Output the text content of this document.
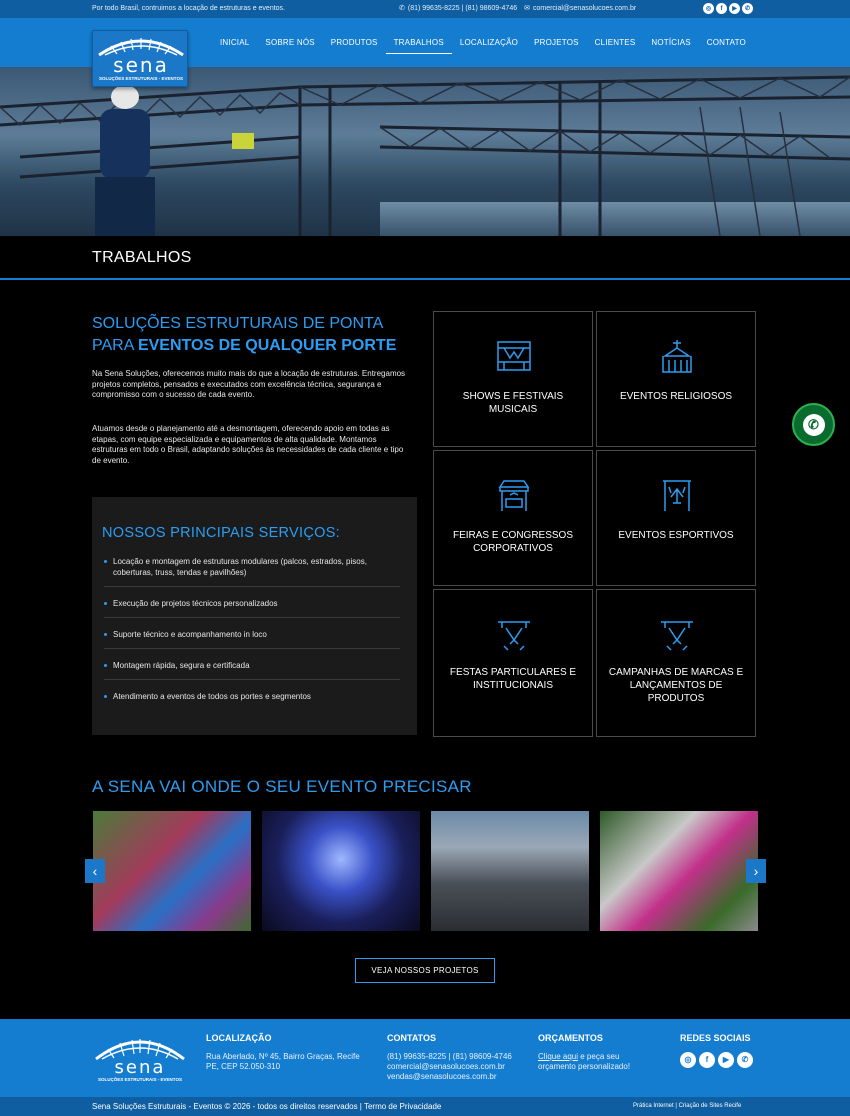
Por todo Brasil, contruimos a locação de estruturas e eventos.	✆ (81) 99635-8225 | (81) 98609-4746 ✉ comercial@senasolucoes.com.br	◎	f	▶	✆
sena
SOLUÇÕES ESTRUTURAIS - EVENTOS
INICIAL	SOBRE NÓS	PRODUTOS	TRABALHOS	LOCALIZAÇÃO	PROJETOS	CLIENTES	NOTÍCIAS	CONTATO
TRABALHOS
SOLUÇÕES ESTRUTURAIS DE PONTA PARA EVENTOS DE QUALQUER PORTE

Na Sena Soluções, oferecemos muito mais do que a locação de estruturas. Entregamos projetos completos, pensados e executados com excelência técnica, segurança e compromisso com o sucesso de cada evento.

Atuamos desde o planejamento até a desmontagem, oferecendo apoio em todas as etapas, com equipe especializada e equipamentos de alta qualidade. Montamos estruturas em todo o Brasil, adaptando soluções às necessidades de cada cliente e tipo de evento.

NOSSOS PRINCIPAIS SERVIÇOS:
Locação e montagem de estruturas modulares (palcos, estrados, pisos, coberturas, truss, tendas e pavilhões)
Execução de projetos técnicos personalizados
Suporte técnico e acompanhamento in loco
Montagem rápida, segura e certificada
Atendimento a eventos de todos os portes e segmentos
SHOWS E FESTIVAIS MUSICAIS
EVENTOS RELIGIOSOS
FEIRAS E CONGRESSOS CORPORATIVOS
EVENTOS ESPORTIVOS
FESTAS PARTICULARES E INSTITUCIONAIS
CAMPANHAS DE MARCAS E LANÇAMENTOS DE PRODUTOS
✆
A SENA VAI ONDE O SEU EVENTO PRECISAR
‹	›
VEJA NOSSOS PROJETOS
sena
SOLUÇÕES ESTRUTURAIS - EVENTOS
LOCALIZAÇÃO
Rua Aberlado, Nº 45, Bairro Graças, Recife PE, CEP 52.050-310
CONTATOS
(81) 99635-8225 | (81) 98609-4746
comercial@senasolucoes.com.br
vendas@senasolucoes.com.br
ORÇAMENTOS
Clique aqui e peça seu orçamento personalizado!
REDES SOCIAIS
◎	f	▶	✆
Sena Soluções Estruturais - Eventos © 2026 - todos os direitos reservados | Termo de Privacidade	Prática Internet | Criação de Sites Recife
